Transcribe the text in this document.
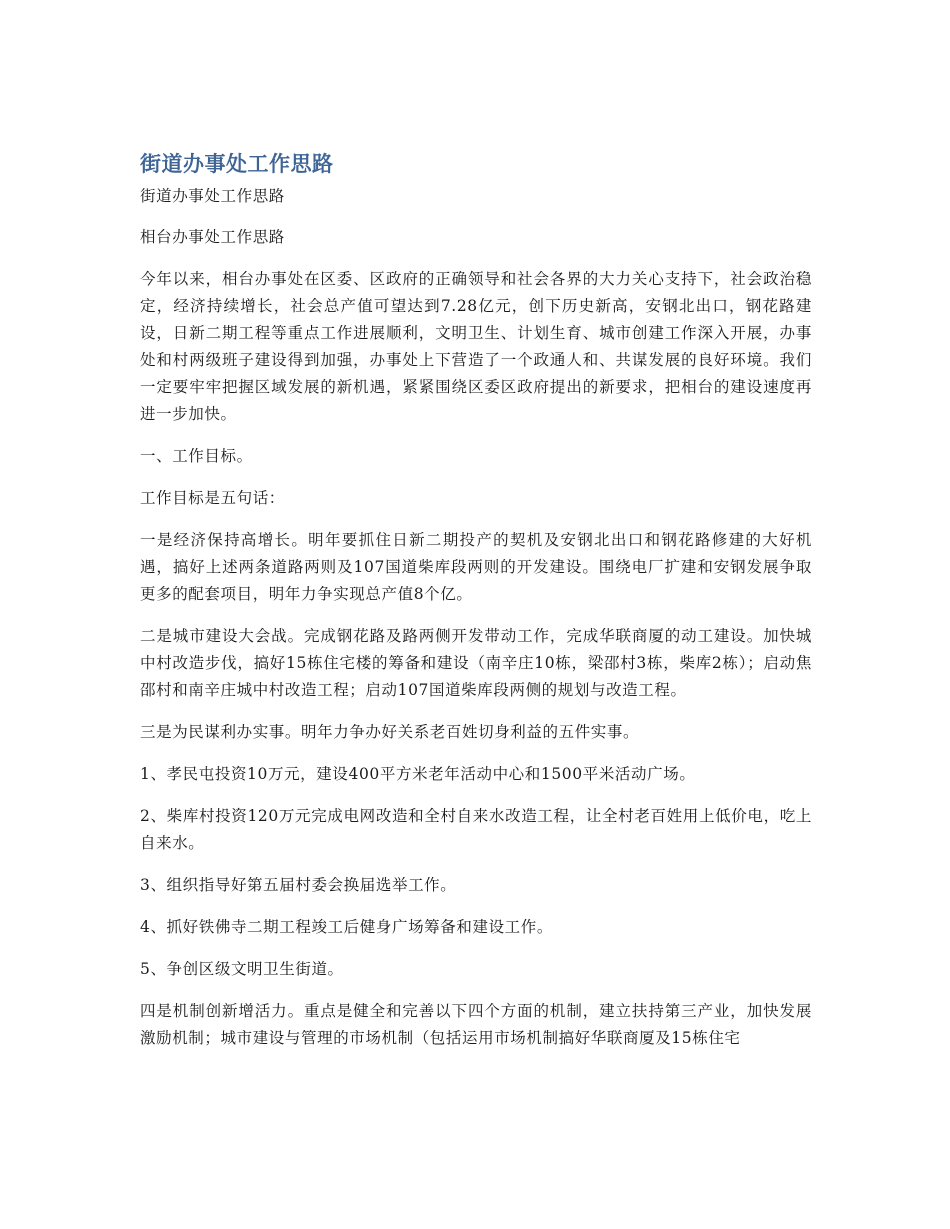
街道办事处工作思路

街道办事处工作思路

相台办事处工作思路

今年以来，相台办事处在区委、区政府的正确领导和社会各界的大力关心支持下，社会政治稳定，经济持续增长，社会总产值可望达到7.28亿元，创下历史新高，安钢北出口，钢花路建设，日新二期工程等重点工作进展顺利，文明卫生、计划生育、城市创建工作深入开展，办事处和村两级班子建设得到加强，办事处上下营造了一个政通人和、共谋发展的良好环境。我们一定要牢牢把握区域发展的新机遇，紧紧围绕区委区政府提出的新要求，把相台的建设速度再进一步加快。

一、工作目标。

工作目标是五句话：

一是经济保持高增长。明年要抓住日新二期投产的契机及安钢北出口和钢花路修建的大好机遇，搞好上述两条道路两则及107国道柴库段两则的开发建设。围绕电厂扩建和安钢发展争取更多的配套项目，明年力争实现总产值8个亿。

二是城市建设大会战。完成钢花路及路两侧开发带动工作，完成华联商厦的动工建设。加快城中村改造步伐，搞好15栋住宅楼的筹备和建设（南辛庄10栋，梁邵村3栋，柴库2栋）；启动焦邵村和南辛庄城中村改造工程；启动107国道柴库段两侧的规划与改造工程。

三是为民谋利办实事。明年力争办好关系老百姓切身利益的五件实事。

1、孝民屯投资10万元，建设400平方米老年活动中心和1500平米活动广场。

2、柴库村投资120万元完成电网改造和全村自来水改造工程，让全村老百姓用上低价电，吃上自来水。

3、组织指导好第五届村委会换届选举工作。

4、抓好铁佛寺二期工程竣工后健身广场筹备和建设工作。

5、争创区级文明卫生街道。

四是机制创新增活力。重点是健全和完善以下四个方面的机制，建立扶持第三产业，加快发展激励机制；城市建设与管理的市场机制（包括运用市场机制搞好华联商厦及15栋住宅
